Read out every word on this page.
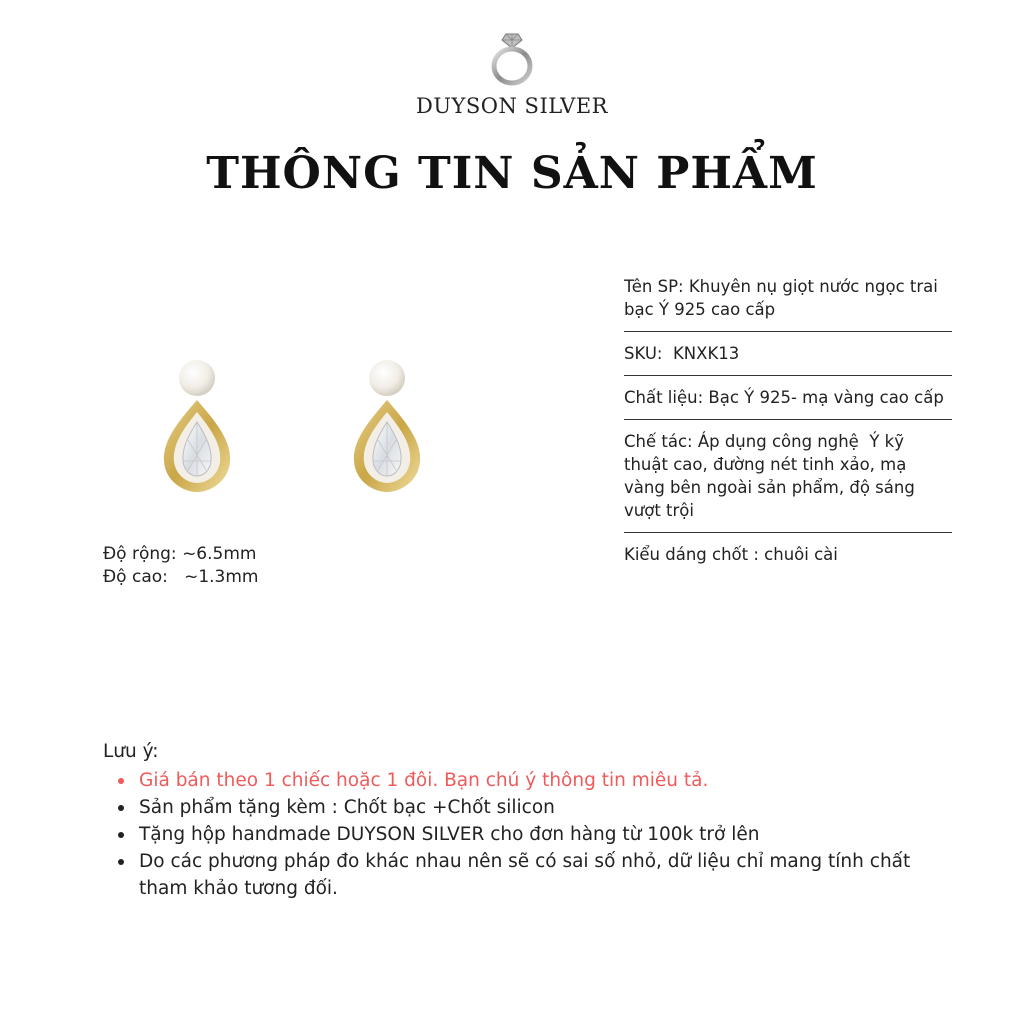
DUYSON SILVER
THÔNG TIN SẢN PHẨM
Độ rộng: ~6.5mm
Độ cao:   ~1.3mm
Tên SP: Khuyên nụ giọt nước ngọc trai bạc Ý 925 cao cấp
SKU:  KNXK13
Chất liệu: Bạc Ý 925- mạ vàng cao cấp
Chế tác: Áp dụng công nghệ  Ý kỹ thuật cao, đường nét tinh xảo, mạ vàng bên ngoài sản phẩm, độ sáng vượt trội
Kiểu dáng chốt : chuôi cài
Lưu ý:
Giá bán theo 1 chiếc hoặc 1 đôi. Bạn chú ý thông tin miêu tả.
Sản phẩm tặng kèm : Chốt bạc +Chốt silicon
Tặng hộp handmade DUYSON SILVER cho đơn hàng từ 100k trở lên
Do các phương pháp đo khác nhau nên sẽ có sai số nhỏ, dữ liệu chỉ mang tính chất tham khảo tương đối.
